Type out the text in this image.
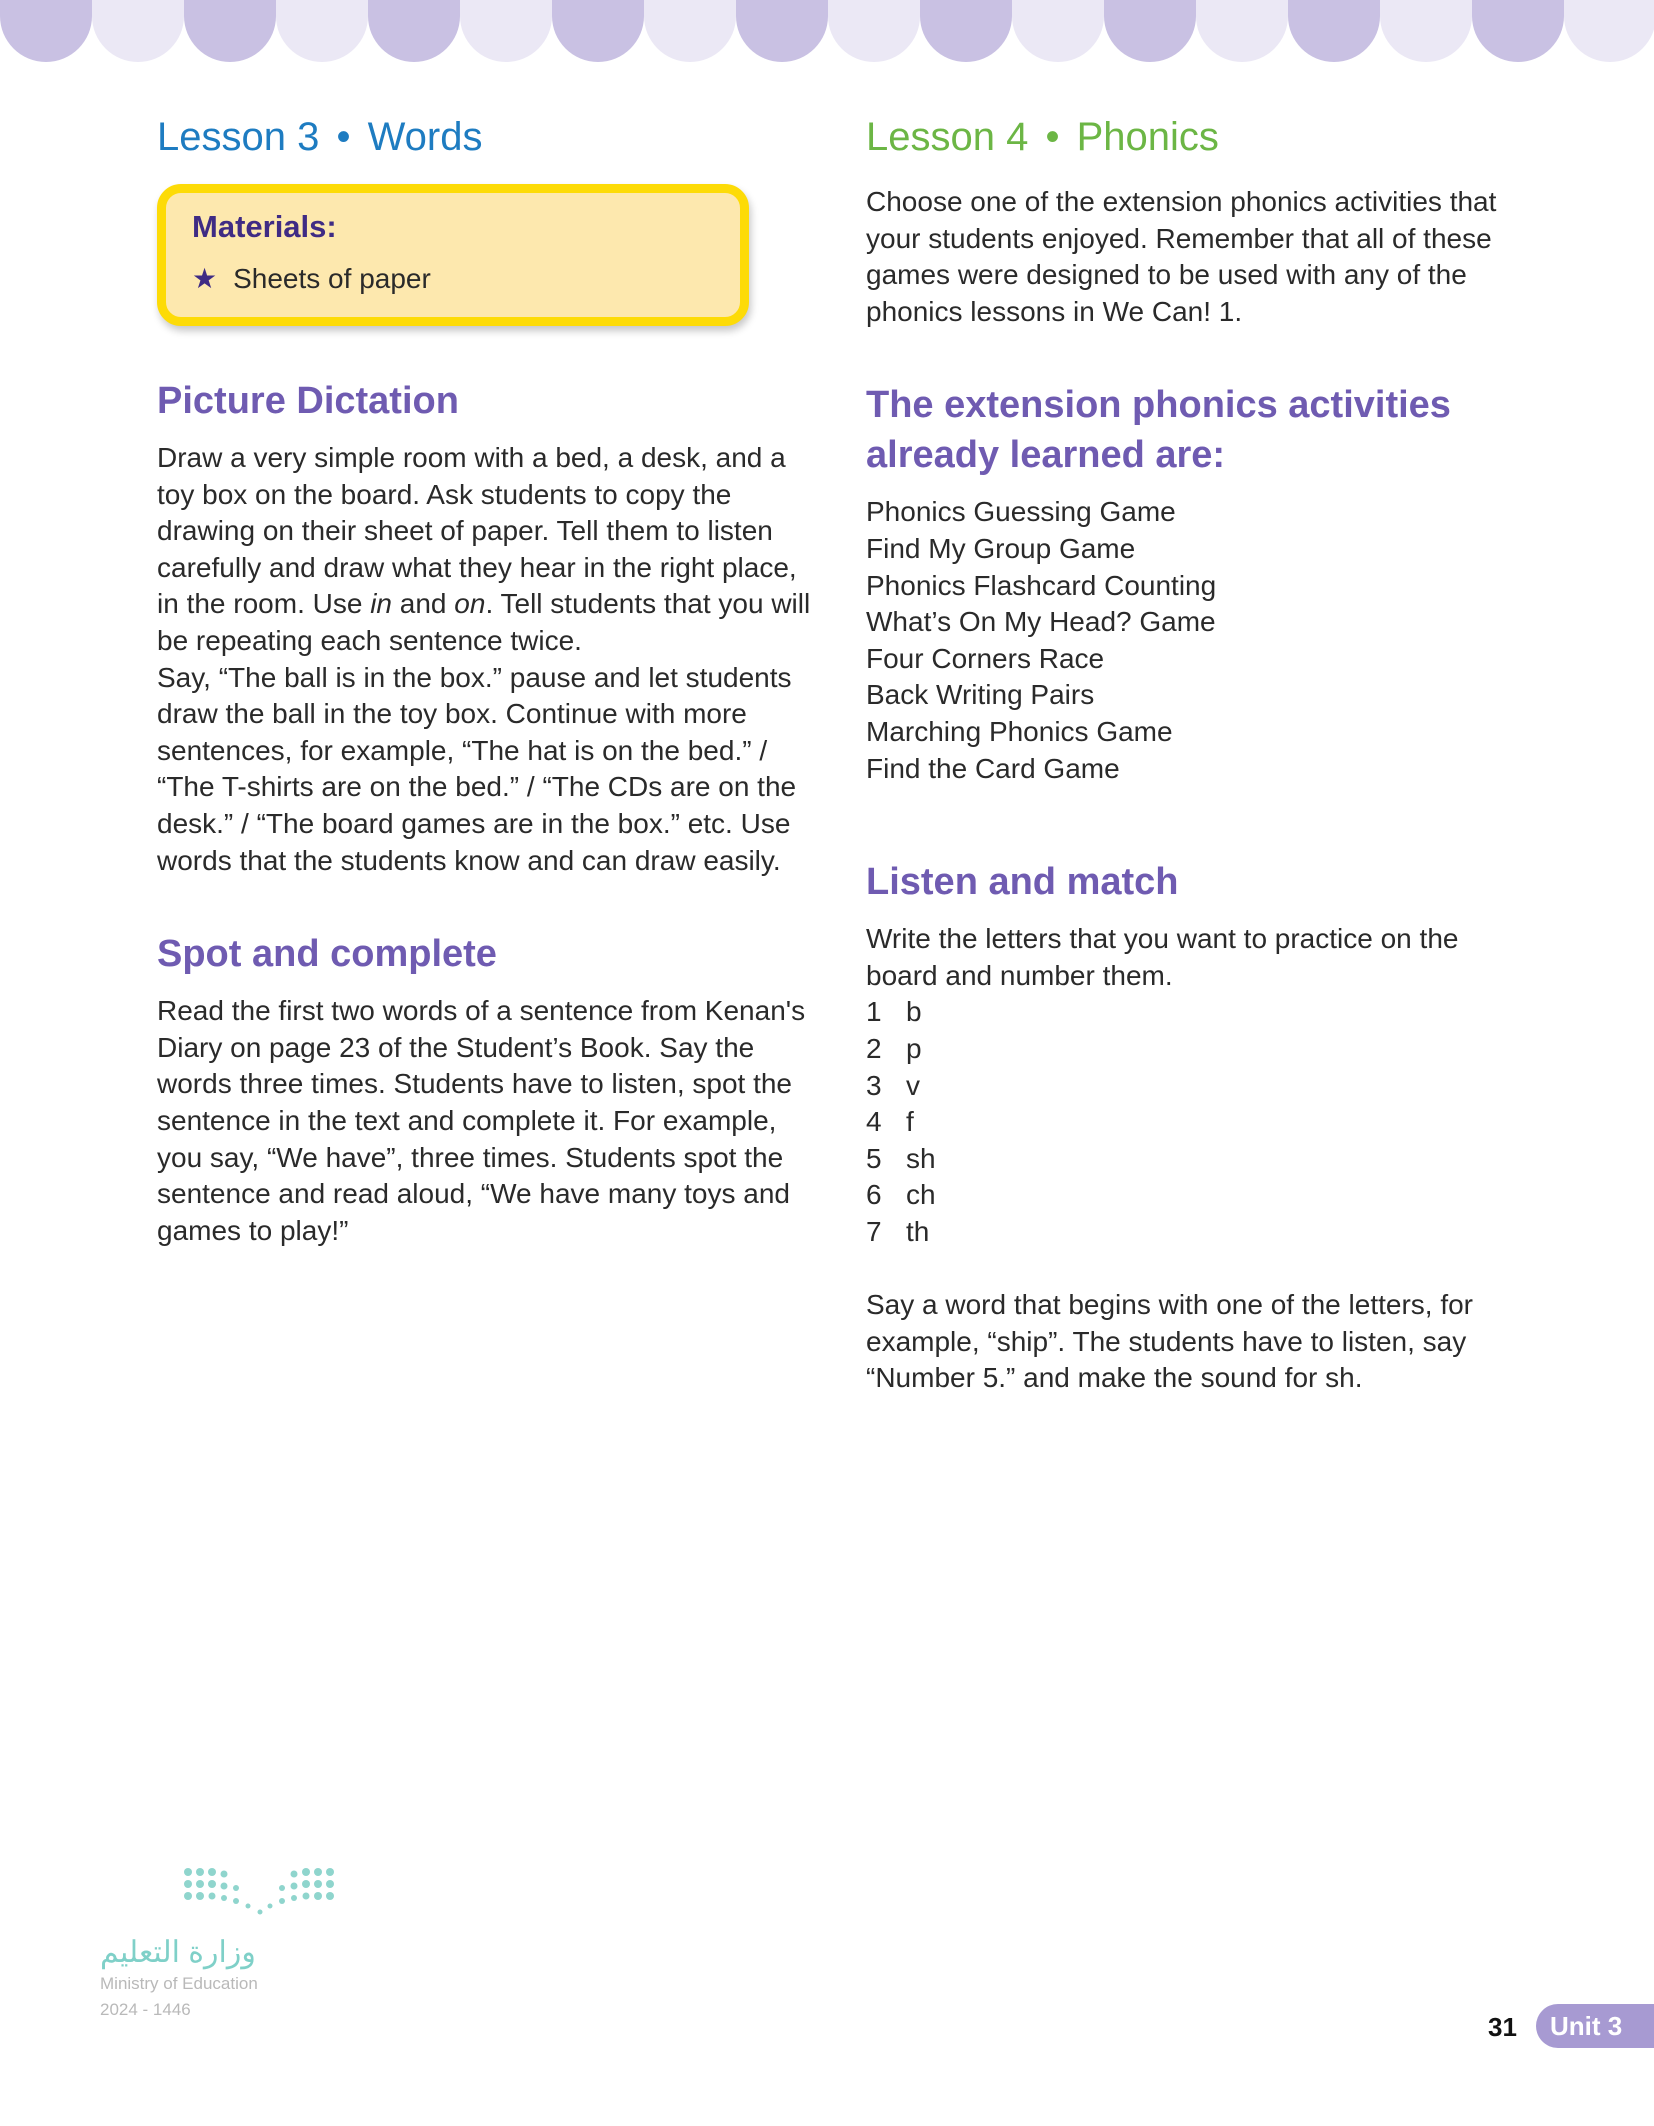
Lesson 3 • Words
Materials:
★ Sheets of paper
Picture Dictation

Draw a very simple room with a bed, a desk, and a toy box on the board. Ask students to copy the drawing on their sheet of paper. Tell them to listen carefully and draw what they hear in the right place, in the room. Use in and on. Tell students that you will be repeating each sentence twice.

Say, “The ball is in the box.” pause and let students draw the ball in the toy box. Continue with more sentences, for example, “The hat is on the bed.” / “The T-shirts are on the bed.” / “The CDs are on the desk.” / “The board games are in the box.” etc. Use words that the students know and can draw easily.

Spot and complete

Read the first two words of a sentence from Kenan's Diary on page 23 of the Student’s Book. Say the words three times. Students have to listen, spot the sentence in the text and complete it. For example, you say, “We have”, three times. Students spot the sentence and read aloud, “We have many toys and games to play!”

Lesson 4 • Phonics

Choose one of the extension phonics activities that your students enjoyed. Remember that all of these games were designed to be used with any of the phonics lessons in We Can! 1.

The extension phonics activities already learned are:
Phonics Guessing Game
Find My Group Game
Phonics Flashcard Counting
What’s On My Head? Game
Four Corners Race
Back Writing Pairs
Marching Phonics Game
Find the Card Game
Listen and match

Write the letters that you want to practice on the board and number them.

1 b
2 p
3 v
4 f
5 sh
6 ch
7 th

Say a word that begins with one of the letters, for example, “ship”. The students have to listen, say “Number 5.” and make the sound for sh.

وزارة التعليم
Ministry of Education
2024 - 1446
31	Unit 3
